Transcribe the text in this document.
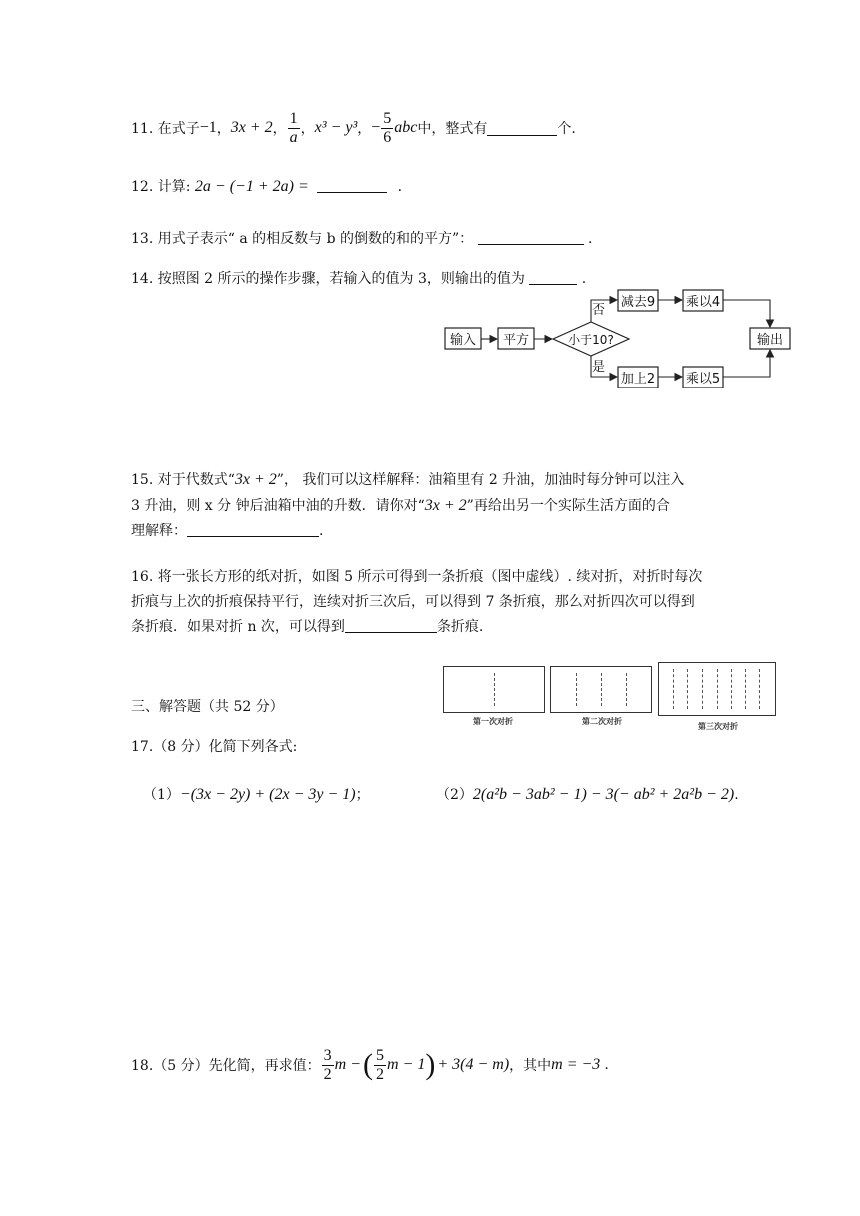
11. 在式子 −1 ， 3x + 2 ， $\frac{1}{a}$ ， x³ − y³ ， − $\frac{5}{6}$ abc 中，整式有	个.
12. 计算: 2a − (−1 + 2a) =	.
13. 用式子表示“ a 的相反数与 b 的倒数的和的平方”：	.
14. 按照图 2 所示的操作步骤，若输入的值为 3，则输出的值为	.
输入 平方	小于10?
减去9 乘以4
加上2 乘以5
输出
否
是
15. 对于代数式“3x + 2”， 我们可以这样解释：油箱里有 2 升油，加油时每分钟可以注入
3 升油，则 x 分 钟后油箱中油的升数．请你对“3x + 2”再给出另一个实际生活方面的合
理解释：	.
16. 将一张长方形的纸对折，如图 5 所示可得到一条折痕（图中虚线）. 续对折，对折时每次
折痕与上次的折痕保持平行，连续对折三次后，可以得到 7 条折痕，那么对折四次可以得到
条折痕．如果对折 n 次，可以得到	条折痕.
第一次对折	第二次对折
第三次对折
三、解答题（共 52 分）
17.（8 分）化简下列各式:
（1）−(3x − 2y) + (2x − 3y − 1)；	（2）2(a²b − 3ab² − 1) − 3(− ab² + 2a²b − 2).
18.（5 分）先化简，再求值： $\frac{3}{2}$ m − ( $\frac{5}{2}$ m − 1 ) + 3(4 − m) ，其中 m = −3 .
